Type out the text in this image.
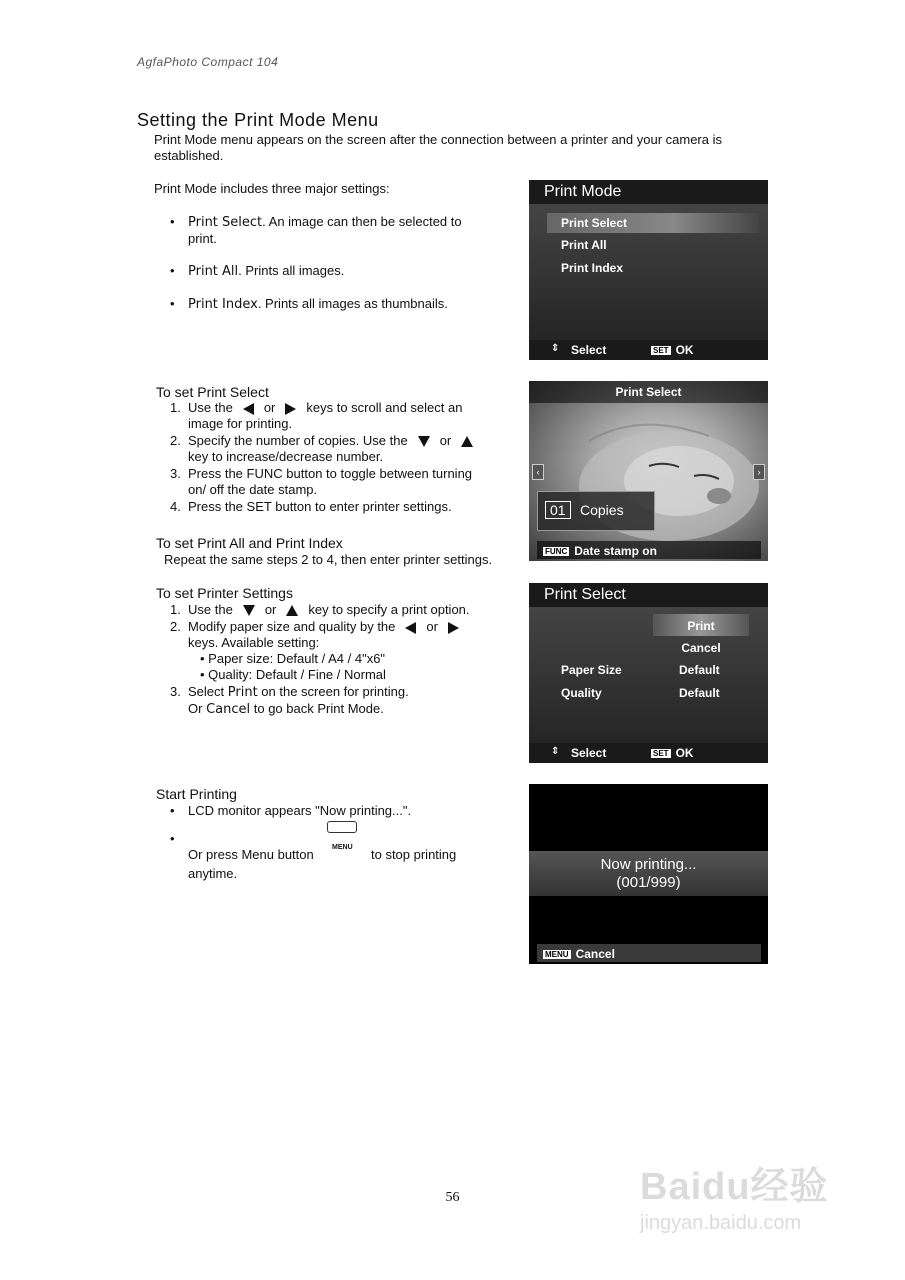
AgfaPhoto Compact 104
Setting the Print Mode Menu
Print Mode menu appears on the screen after the connection between a printer and your camera is established.
Print Mode includes three major settings:
• Print Select. An image can then be selected to print.
• Print All. Prints all images.
• Print Index. Prints all images as thumbnails.
To set Print Select
1. Use the or keys to scroll and select an
image for printing.
2. Specify the number of copies. Use the or
key to increase/decrease number.
3. Press the FUNC button to toggle between turning
on/ off the date stamp.
4. Press the SET button to enter printer settings.
To set Print All and Print Index
Repeat the same steps 2 to 4, then enter printer settings.
To set Printer Settings
1. Use the or key to specify a print option.
2. Modify paper size and quality by the or
keys. Available setting:
• Paper size: Default / A4 / 4"x6"
• Quality: Default / Fine / Normal
3. Select Print on the screen for printing.
Or Cancel to go back Print Mode.
Start Printing
• LCD monitor appears "Now printing...".
•
Or press Menu button	MENU to stop printing
anytime.
Print Mode
Print Select
Print All
Print Index
⇕ Select	SET OK
Print Select
‹	›
01	Copies
FUNC Date stamp on
Print Select
Print
Cancel
Paper Size	Default
Quality	Default
⇕ Select	SET OK
Now printing...
(001/999)
MENU Cancel
56	Baidu经验
jingyan.baidu.com
